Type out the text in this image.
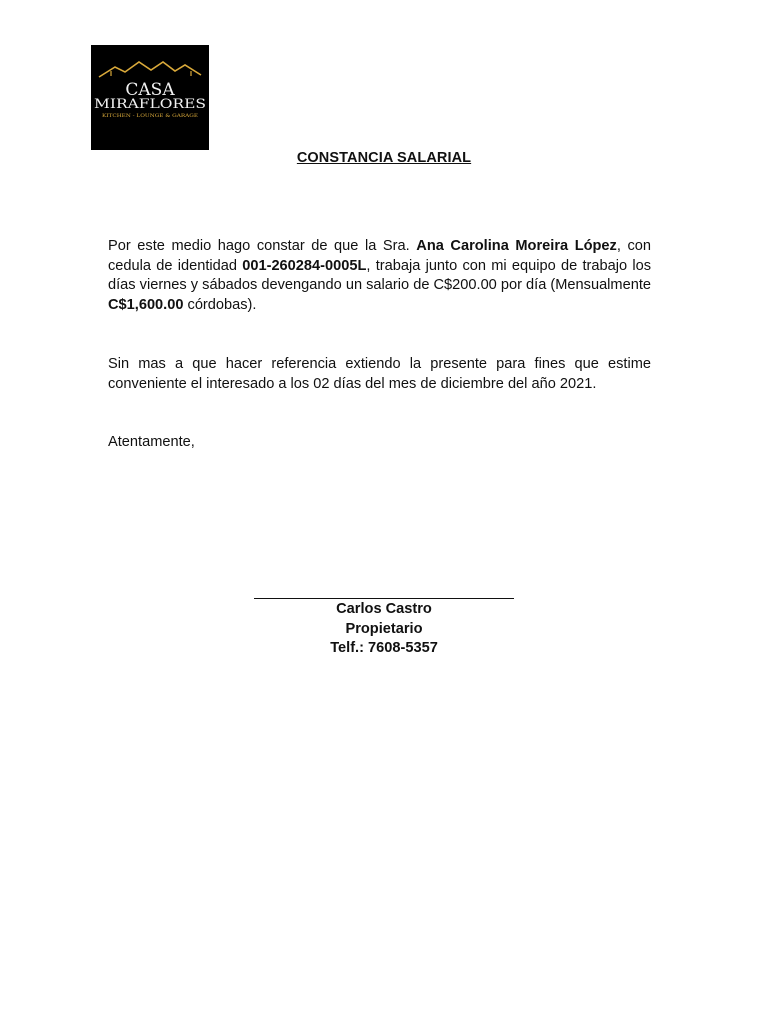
CASA
MIRAFLORES
KITCHEN - LOUNGE & GARAGE
CONSTANCIA SALARIAL
Por este medio hago constar de que la Sra. Ana Carolina Moreira López, con cedula de identidad 001-260284-0005L, trabaja junto con mi equipo de trabajo los días viernes y sábados devengando un salario de C$200.00 por día (Mensualmente C$1,600.00 córdobas).
Sin mas a que hacer referencia extiendo la presente para fines que estime conveniente el interesado a los 02 días del mes de diciembre del año 2021.
Atentamente,
Carlos Castro
Propietario
Telf.: 7608-5357
